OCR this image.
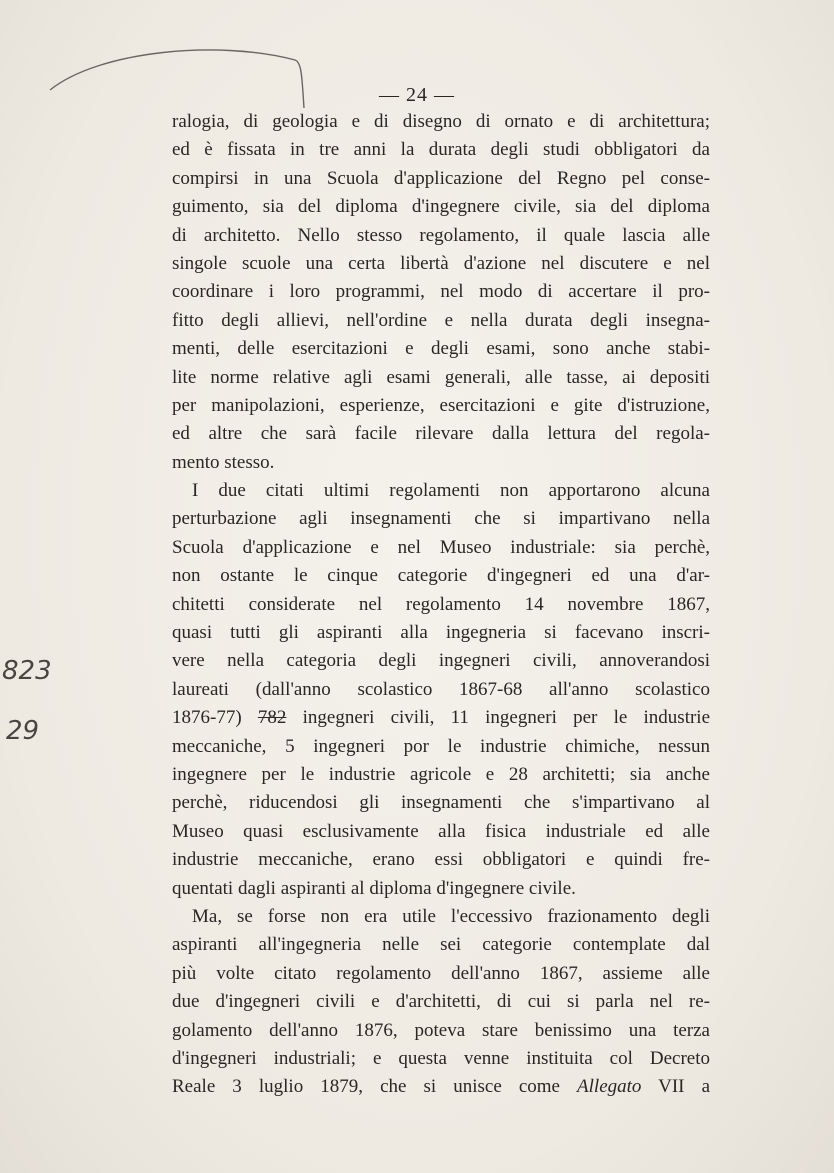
— 24 —
823
29
ralogia, di geologia e di disegno di ornato e di architettura;
ed è fissata in tre anni la durata degli studi obbligatori da
compirsi in una Scuola d'applicazione del Regno pel conse-
guimento, sia del diploma d'ingegnere civile, sia del diploma
di architetto. Nello stesso regolamento, il quale lascia alle
singole scuole una certa libertà d'azione nel discutere e nel
coordinare i loro programmi, nel modo di accertare il pro-
fitto degli allievi, nell'ordine e nella durata degli insegna-
menti, delle esercitazioni e degli esami, sono anche stabi-
lite norme relative agli esami generali, alle tasse, ai depositi
per manipolazioni, esperienze, esercitazioni e gite d'istruzione,
ed altre che sarà facile rilevare dalla lettura del regola-
mento stesso.
I due citati ultimi regolamenti non apportarono alcuna
perturbazione agli insegnamenti che si impartivano nella
Scuola d'applicazione e nel Museo industriale: sia perchè,
non ostante le cinque categorie d'ingegneri ed una d'ar-
chitetti considerate nel regolamento 14 novembre 1867,
quasi tutti gli aspiranti alla ingegneria si facevano inscri-
vere nella categoria degli ingegneri civili, annoverandosi
laureati (dall'anno scolastico 1867-68 all'anno scolastico
1876-77) 782 ingegneri civili, 11 ingegneri per le industrie
meccaniche, 5 ingegneri por le industrie chimiche, nessun
ingegnere per le industrie agricole e 28 architetti; sia anche
perchè, riducendosi gli insegnamenti che s'impartivano al
Museo quasi esclusivamente alla fisica industriale ed alle
industrie meccaniche, erano essi obbligatori e quindi fre-
quentati dagli aspiranti al diploma d'ingegnere civile.
Ma, se forse non era utile l'eccessivo frazionamento degli
aspiranti all'ingegneria nelle sei categorie contemplate dal
più volte citato regolamento dell'anno 1867, assieme alle
due d'ingegneri civili e d'architetti, di cui si parla nel re-
golamento dell'anno 1876, poteva stare benissimo una terza
d'ingegneri industriali; e questa venne instituita col Decreto
Reale 3 luglio 1879, che si unisce come Allegato VII a
